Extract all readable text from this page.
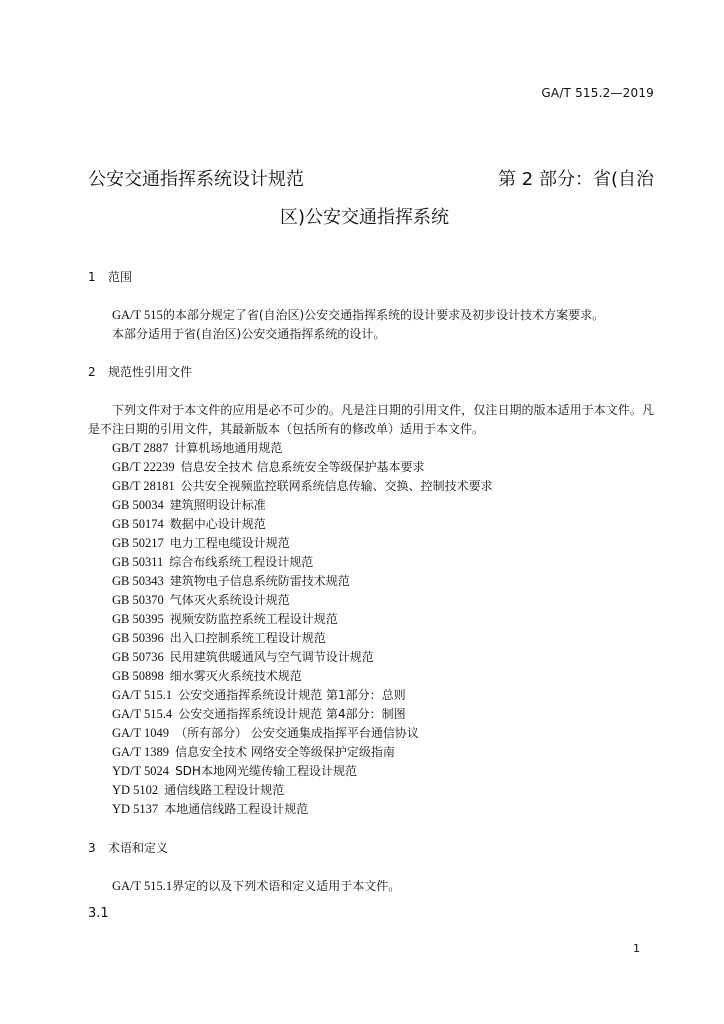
GA/T 515.2—2019
公安交通指挥系统设计规范	第 2 部分：省(自治
区)公安交通指挥系统
1 范围
GA/T 515的本部分规定了省(自治区)公安交通指挥系统的设计要求及初步设计技术方案要求。
本部分适用于省(自治区)公安交通指挥系统的设计。
2 规范性引用文件
下列文件对于本文件的应用是必不可少的。凡是注日期的引用文件，仅注日期的版本适用于本文件。凡是不注日期的引用文件，其最新版本（包括所有的修改单）适用于本文件。
GB/T 2887 计算机场地通用规范
GB/T 22239 信息安全技术 信息系统安全等级保护基本要求
GB/T 28181 公共安全视频监控联网系统信息传输、交换、控制技术要求
GB 50034 建筑照明设计标准
GB 50174 数据中心设计规范
GB 50217 电力工程电缆设计规范
GB 50311 综合布线系统工程设计规范
GB 50343 建筑物电子信息系统防雷技术规范
GB 50370 气体灭火系统设计规范
GB 50395 视频安防监控系统工程设计规范
GB 50396 出入口控制系统工程设计规范
GB 50736 民用建筑供暖通风与空气调节设计规范
GB 50898 细水雾灭火系统技术规范
GA/T 515.1 公安交通指挥系统设计规范 第1部分：总则
GA/T 515.4 公安交通指挥系统设计规范 第4部分：制图
GA/T 1049 （所有部分） 公安交通集成指挥平台通信协议
GA/T 1389 信息安全技术 网络安全等级保护定级指南
YD/T 5024 SDH本地网光缆传输工程设计规范
YD 5102 通信线路工程设计规范
YD 5137 本地通信线路工程设计规范
3 术语和定义
GA/T 515.1界定的以及下列术语和定义适用于本文件。
3.1
1
